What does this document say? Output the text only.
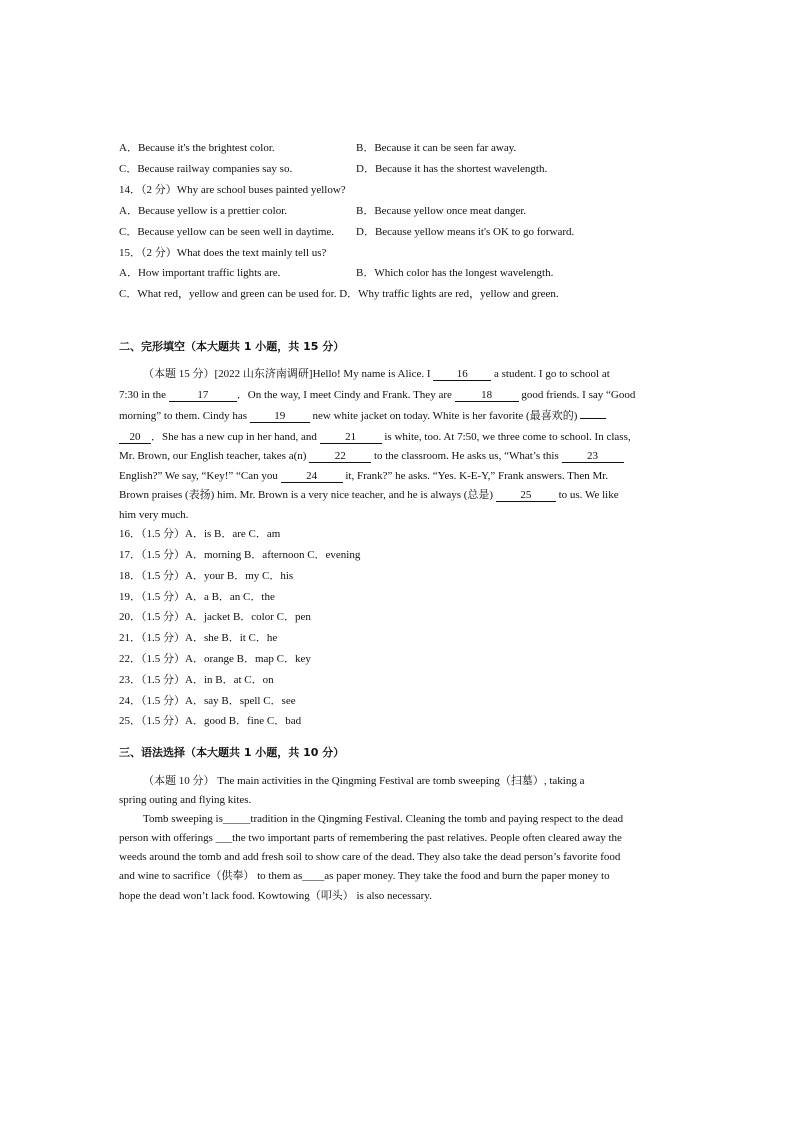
A．Because it's the brightest color.	B．Because it can be seen far away.
C．Because railway companies say so.	D．Because it has the shortest wavelength.
14．（2 分）Why are school buses painted yellow?
A．Because yellow is a prettier color.	B．Because yellow once meat danger.
C．Because yellow can be seen well in daytime. D．Because yellow means it's OK to go forward.
15．（2 分）What does the text mainly tell us?
A．How important traffic lights are.	B．Which color has the longest wavelength.
C．What red，yellow and green can be used for. D．Why traffic lights are red，yellow and green.
二、完形填空（本大题共 1 小题，共 15 分）
（本题 15 分）[2022 山东济南调研]Hello! My name is Alice. I 16 a student. I go to school at
7:30 in the	17	．On the way, I meet Cindy and Frank. They are 18 good friends. I say “Good
morning” to them. Cindy has 19 new white jacket on today. White is her favorite (最喜欢的)
20 ．She has a new cup in her hand, and 21 is white, too. At 7:50, we three come to school. In class,
Mr. Brown, our English teacher, takes a(n) 22 to the classroom. He asks us, “What’s this 23
English?” We say, “Key!” “Can you 24 it, Frank?” he asks. “Yes. K-E-Y,” Frank answers. Then Mr.
Brown praises (表扬) him. Mr. Brown is a very nice teacher, and he is always (总是) 25 to us. We like
him very much.
16．（1.5 分）A．is B．are C．am
17．（1.5 分）A．morning B．afternoon C．evening
18．（1.5 分）A．your B．my C．his
19．（1.5 分）A．a B．an C．the
20．（1.5 分）A．jacket B．color C．pen
21．（1.5 分）A．she B．it C．he
22．（1.5 分）A．orange B．map C．key
23．（1.5 分）A．in B．at C．on
24．（1.5 分）A．say B．spell C．see
25．（1.5 分）A．good B．fine C．bad
三、语法选择（本大题共 1 小题，共 10 分）
（本题 10 分） The main activities in the Qingming Festival are tomb sweeping（扫墓）, taking a
spring outing and flying kites.
Tomb sweeping is_____tradition in the Qingming Festival. Cleaning the tomb and paying respect to the dead
person with offerings ___the two important parts of remembering the past relatives. People often cleared away the
weeds around the tomb and add fresh soil to show care of the dead. They also take the dead person’s favorite food
and wine to sacrifice（供奉） to them as____as paper money. They take the food and burn the paper money to
hope the dead won’t lack food. Kowtowing（叩头） is also necessary.
